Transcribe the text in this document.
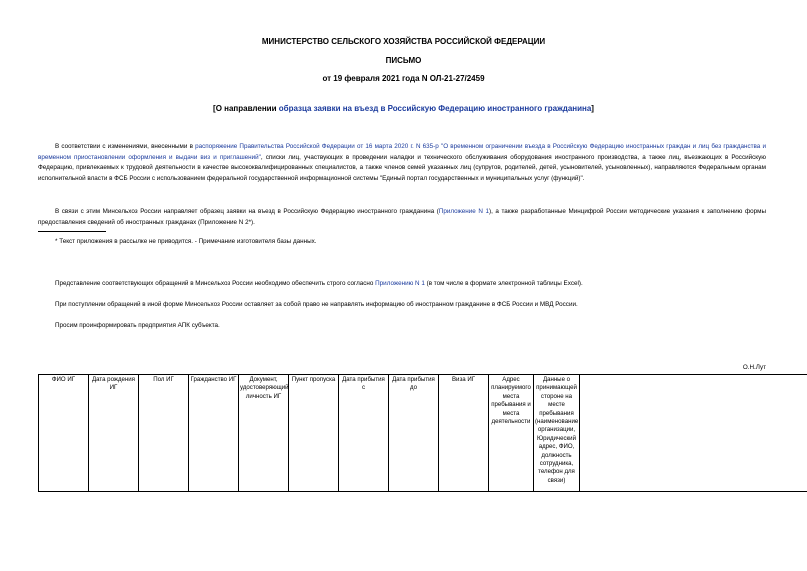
МИНИСТЕРСТВО СЕЛЬСКОГО ХОЗЯЙСТВА РОССИЙСКОЙ ФЕДЕРАЦИИ
ПИСЬМО
от 19 февраля 2021 года N ОЛ-21-27/2459
[О направлении образца заявки на въезд в Российскую Федерацию иностранного гражданина]
В соответствии с изменениями, внесенными в распоряжение Правительства Российской Федерации от 16 марта 2020 г. N 635-р "О временном ограничении въезда в Российскую Федерацию иностранных граждан и лиц без гражданства и временном приостановлении оформления и выдачи виз и приглашений", списки лиц, участвующих в проведении наладки и технического обслуживания оборудования иностранного производства, а также лиц, въезжающих в Российскую Федерацию, привлекаемых к трудовой деятельности в качестве высококвалифицированных специалистов, а также членов семей указанных лиц (супругов, родителей, детей, усыновителей, усыновленных), направляются Федеральным органам исполнительной власти в ФСБ России с использованием федеральной государственной информационной системы "Единый портал государственных и муниципальных услуг (функций)".
В связи с этим Минсельхоз России направляет образец заявки на въезд в Российскую Федерацию иностранного гражданина (Приложение N 1), а также разработанные Минцифрой России методические указания к заполнению формы предоставления сведений об иностранных гражданах (Приложение N 2*).
* Текст приложения в рассылке не приводится. - Примечание изготовителя базы данных.
Представление соответствующих обращений в Минсельхоз России необходимо обеспечить строго согласно Приложению N 1 (в том числе в формате электронной таблицы Excel).
При поступлении обращений в иной форме Минсельхоз России оставляет за собой право не направлять информацию об иностранном гражданине в ФСБ России и МВД России.
Просим проинформировать предприятия АПК субъекта.
О.Н.Лут
ФИО ИГ	Дата рождения ИГ	Пол ИГ	Гражданство ИГ	Документ, удостоверяющий личность ИГ	Пункт пропуска	Дата прибытия с	Дата прибытия до	Виза ИГ	Адрес планируемого места пребывания и места деятельности	Данные о принимающей стороне на месте пребывания (наименование организации, Юридический адрес, ФИО, должность сотрудника, телефон для связи)	
